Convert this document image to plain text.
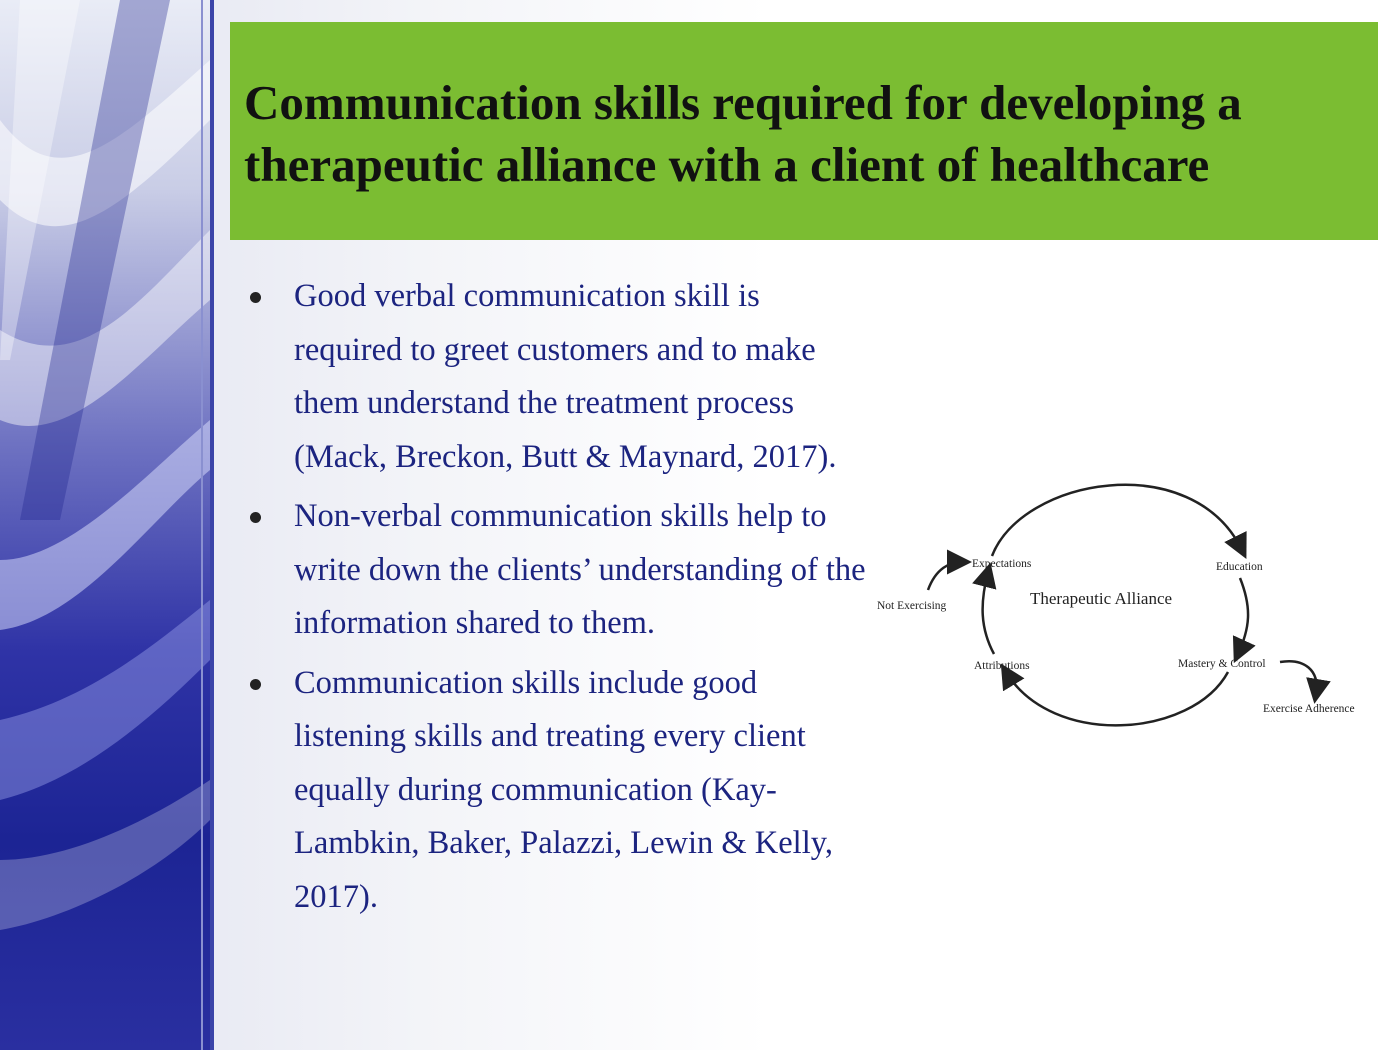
Communication skills required for developing a therapeutic alliance with a client of healthcare
Good verbal communication skill is required to greet customers and to make them understand the treatment process (Mack, Breckon, Butt & Maynard, 2017).
Non-verbal communication skills help to write down the clients’ understanding of the information shared to them.
Communication skills include good listening skills and treating every client equally during communication (Kay-Lambkin, Baker, Palazzi, Lewin & Kelly, 2017).
Therapeutic Alliance
Expectations	Education
Mastery & Control
Attributions
Not Exercising
Exercise Adherence
